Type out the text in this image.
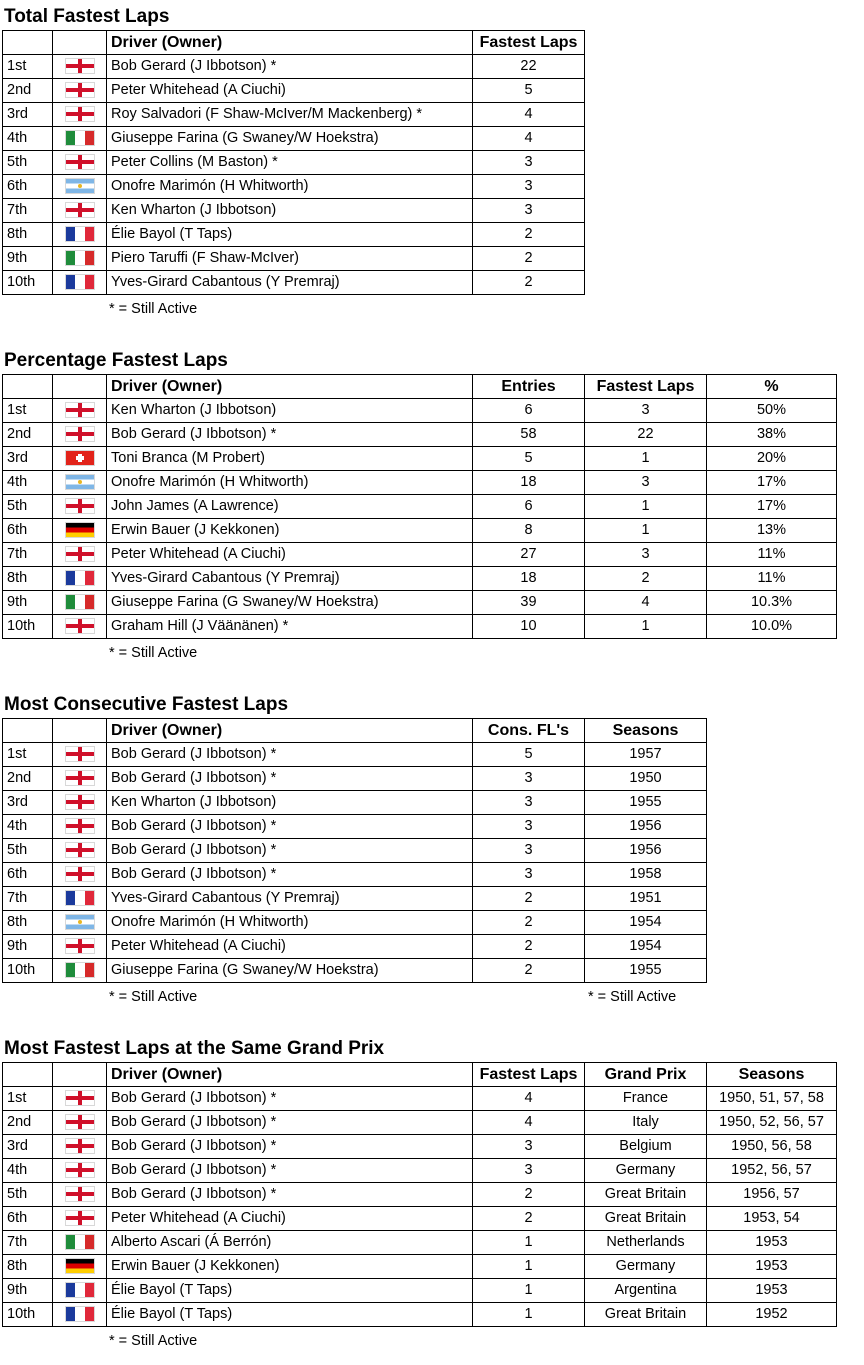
Total Fastest Laps
		Driver (Owner)	Fastest Laps
1st		Bob Gerard (J Ibbotson) *	22
2nd		Peter Whitehead (A Ciuchi)	5
3rd		Roy Salvadori (F Shaw-McIver/M Mackenberg) *	4
4th		Giuseppe Farina (G Swaney/W Hoekstra)	4
5th		Peter Collins (M Baston) *	3
6th		Onofre Marimón (H Whitworth)	3
7th		Ken Wharton (J Ibbotson)	3
8th		Élie Bayol (T Taps)	2
9th		Piero Taruffi (F Shaw-McIver)	2
10th		Yves-Girard Cabantous (Y Premraj)	2
* = Still Active
Percentage Fastest Laps
		Driver (Owner)	Entries	Fastest Laps	%
1st		Ken Wharton (J Ibbotson)	6	3	50%
2nd		Bob Gerard (J Ibbotson) *	58	22	38%
3rd		Toni Branca (M Probert)	5	1	20%
4th		Onofre Marimón (H Whitworth)	18	3	17%
5th		John James (A Lawrence)	6	1	17%
6th		Erwin Bauer (J Kekkonen)	8	1	13%
7th		Peter Whitehead (A Ciuchi)	27	3	11%
8th		Yves-Girard Cabantous (Y Premraj)	18	2	11%
9th		Giuseppe Farina (G Swaney/W Hoekstra)	39	4	10.3%
10th		Graham Hill (J Väänänen) *	10	1	10.0%
* = Still Active
Most Consecutive Fastest Laps
		Driver (Owner)	Cons. FL's	Seasons
1st		Bob Gerard (J Ibbotson) *	5	1957
2nd		Bob Gerard (J Ibbotson) *	3	1950
3rd		Ken Wharton (J Ibbotson)	3	1955
4th		Bob Gerard (J Ibbotson) *	3	1956
5th		Bob Gerard (J Ibbotson) *	3	1956
6th		Bob Gerard (J Ibbotson) *	3	1958
7th		Yves-Girard Cabantous (Y Premraj)	2	1951
8th		Onofre Marimón (H Whitworth)	2	1954
9th		Peter Whitehead (A Ciuchi)	2	1954
10th		Giuseppe Farina (G Swaney/W Hoekstra)	2	1955
* = Still Active	* = Still Active
Most Fastest Laps at the Same Grand Prix
		Driver (Owner)	Fastest Laps	Grand Prix	Seasons
1st		Bob Gerard (J Ibbotson) *	4	France	1950, 51, 57, 58
2nd		Bob Gerard (J Ibbotson) *	4	Italy	1950, 52, 56, 57
3rd		Bob Gerard (J Ibbotson) *	3	Belgium	1950, 56, 58
4th		Bob Gerard (J Ibbotson) *	3	Germany	1952, 56, 57
5th		Bob Gerard (J Ibbotson) *	2	Great Britain	1956, 57
6th		Peter Whitehead (A Ciuchi)	2	Great Britain	1953, 54
7th		Alberto Ascari (Á Berrón)	1	Netherlands	1953
8th		Erwin Bauer (J Kekkonen)	1	Germany	1953
9th		Élie Bayol (T Taps)	1	Argentina	1953
10th		Élie Bayol (T Taps)	1	Great Britain	1952
* = Still Active
